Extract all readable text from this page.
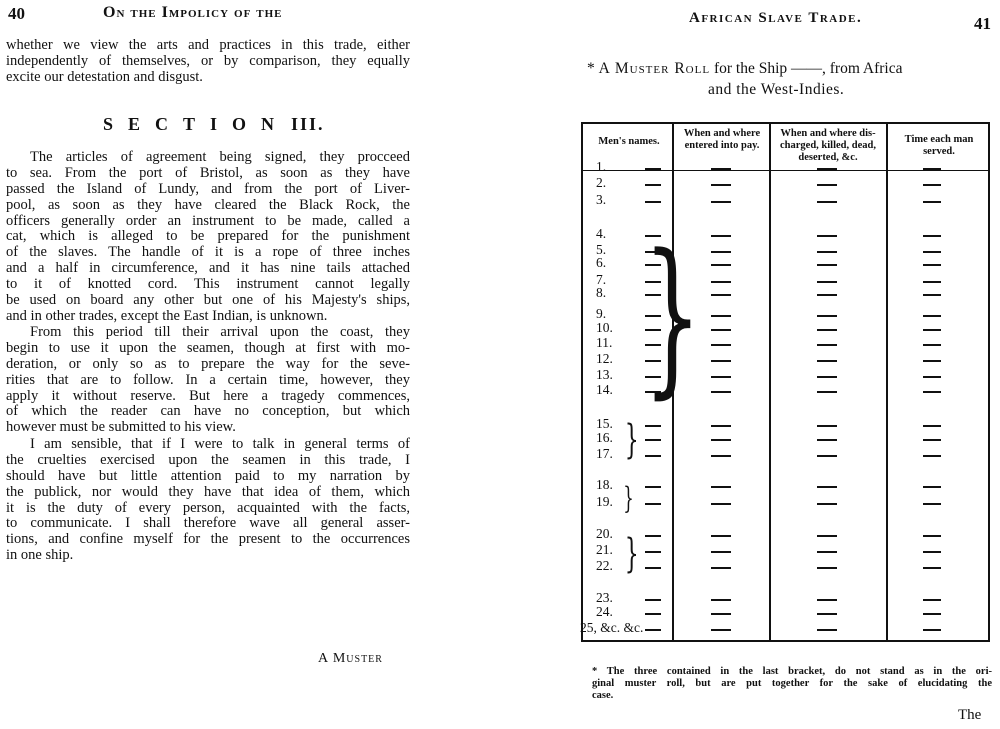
40	On the Impolicy of the
whether we view the arts and practices in this trade, either
independently of themselves, or by comparison, they equally
excite our detestation and disgust.
SECTION III.
The articles of agreement being signed, they procceed
to sea. From the port of Bristol, as soon as they have
passed the Island of Lundy, and from the port of Liver-
pool, as soon as they have cleared the Black Rock, the
officers generally order an instrument to be made, called a
cat, which is alleged to be prepared for the punishment
of the slaves. The handle of it is a rope of three inches
and a half in circumference, and it has nine tails attached
to it of knotted cord. This instrument cannot legally
be used on board any other but one of his Majesty's ships,
and in other trades, except the East Indian, is unknown.
From this period till their arrival upon the coast, they
begin to use it upon the seamen, though at first with mo-
deration, or only so as to prepare the way for the seve-
rities that are to follow. In a certain time, however, they
apply it without reserve. But here a tragedy commences,
of which the reader can have no conception, but which
however must be submitted to his view.
I am sensible, that if I were to talk in general terms of
the cruelties exercised upon the seamen in this trade, I
should have but little attention paid to my narration by
the publick, nor would they have that idea of them, which
it is the duty of every person, acquainted with the facts,
to communicate. I shall therefore wave all general asser-
tions, and confine myself for the present to the occurrences
in one ship.
A Muster
African Slave Trade.	41
* A Muster Roll for the Ship ——, from Africa
and the West-Indies.
Men's names.
When and where entered into pay.
When and where dis-charged, killed, dead, deserted, &c.
Time each man served.
1.
2.
3.
4.
5.
6.
7.
8.
9.
10.
11.
12.
13.
14.
15.
16.
17.
18.
19.
20.
21.
22.
23.
24.
25, &c. &c.
}
}
}
}
* The three contained in the last bracket, do not stand as in the ori-
ginal muster roll, but are put together for the sake of elucidating the
case.
The
